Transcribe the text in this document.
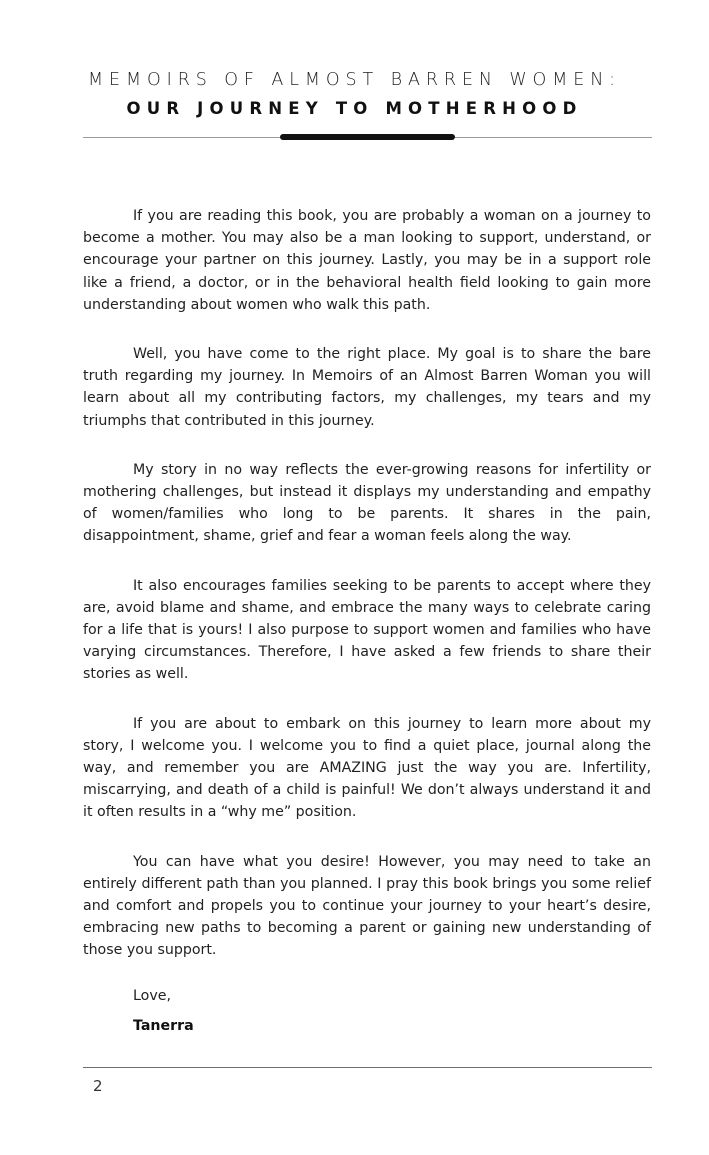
MEMOIRS OF ALMOST BARREN WOMEN:
OUR JOURNEY TO MOTHERHOOD

If you are reading this book, you are probably a woman on a journey to become a mother. You may also be a man looking to support, understand, or encourage your partner on this journey. Lastly, you may be in a support role like a friend, a doctor, or in the behavioral health field looking to gain more understanding about women who walk this path.

Well, you have come to the right place. My goal is to share the bare truth regarding my journey. In Memoirs of an Almost Barren Woman you will learn about all my contributing factors, my challenges, my tears and my triumphs that contributed in this journey.

My story in no way reflects the ever-growing reasons for infertility or mothering challenges, but instead it displays my understanding and empathy of women/families who long to be parents. It shares in the pain, disappointment, shame, grief and fear a woman feels along the way.

It also encourages families seeking to be parents to accept where they are, avoid blame and shame, and embrace the many ways to celebrate caring for a life that is yours! I also purpose to support women and families who have varying circumstances. Therefore, I have asked a few friends to share their stories as well.

If you are about to embark on this journey to learn more about my story, I welcome you. I welcome you to find a quiet place, journal along the way, and remember you are AMAZING just the way you are. Infertility, miscarrying, and death of a child is painful! We don’t always understand it and it often results in a “why me” position.

You can have what you desire! However, you may need to take an entirely different path than you planned. I pray this book brings you some relief and comfort and propels you to continue your journey to your heart’s desire, embracing new paths to becoming a parent or gaining new understanding of those you support.

Love,
Tanerra
2
